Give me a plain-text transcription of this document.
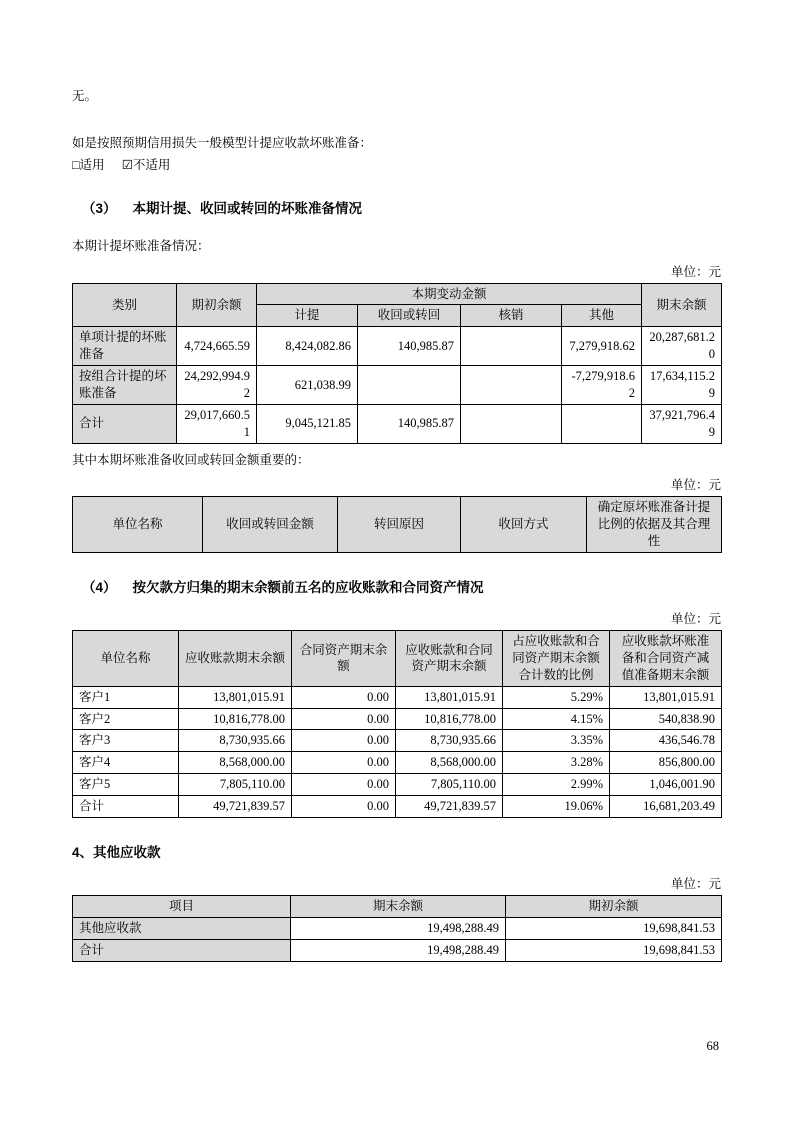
无。

如是按照预期信用损失一般模型计提应收款坏账准备：

□适用 ☑不适用

（3） 本期计提、收回或转回的坏账准备情况

本期计提坏账准备情况：

单位：元

类别	期初余额	本期变动金额				期末余额
		计提	收回或转回	核销	其他	
单项计提的坏账准备	4,724,665.59	8,424,082.86	140,985.87		7,279,918.62	20,287,681.20
按组合计提的坏账准备	24,292,994.92	621,038.99			-7,279,918.62	17,634,115.29
合计	29,017,660.51	9,045,121.85	140,985.87			37,921,796.49

其中本期坏账准备收回或转回金额重要的：

单位：元

单位名称	收回或转回金额	转回原因	收回方式	确定原坏账准备计提比例的依据及其合理性

（4） 按欠款方归集的期末余额前五名的应收账款和合同资产情况

单位：元

单位名称	应收账款期末余额	合同资产期末余额	应收账款和合同资产期末余额	占应收账款和合同资产期末余额合计数的比例	应收账款坏账准备和合同资产减值准备期末余额
客户1	13,801,015.91	0.00	13,801,015.91	5.29%	13,801,015.91
客户2	10,816,778.00	0.00	10,816,778.00	4.15%	540,838.90
客户3	8,730,935.66	0.00	8,730,935.66	3.35%	436,546.78
客户4	8,568,000.00	0.00	8,568,000.00	3.28%	856,800.00
客户5	7,805,110.00	0.00	7,805,110.00	2.99%	1,046,001.90
合计	49,721,839.57	0.00	49,721,839.57	19.06%	16,681,203.49

4、其他应收款

单位：元

项目	期末余额	期初余额
其他应收款	19,498,288.49	19,698,841.53
合计	19,498,288.49	19,698,841.53
68
